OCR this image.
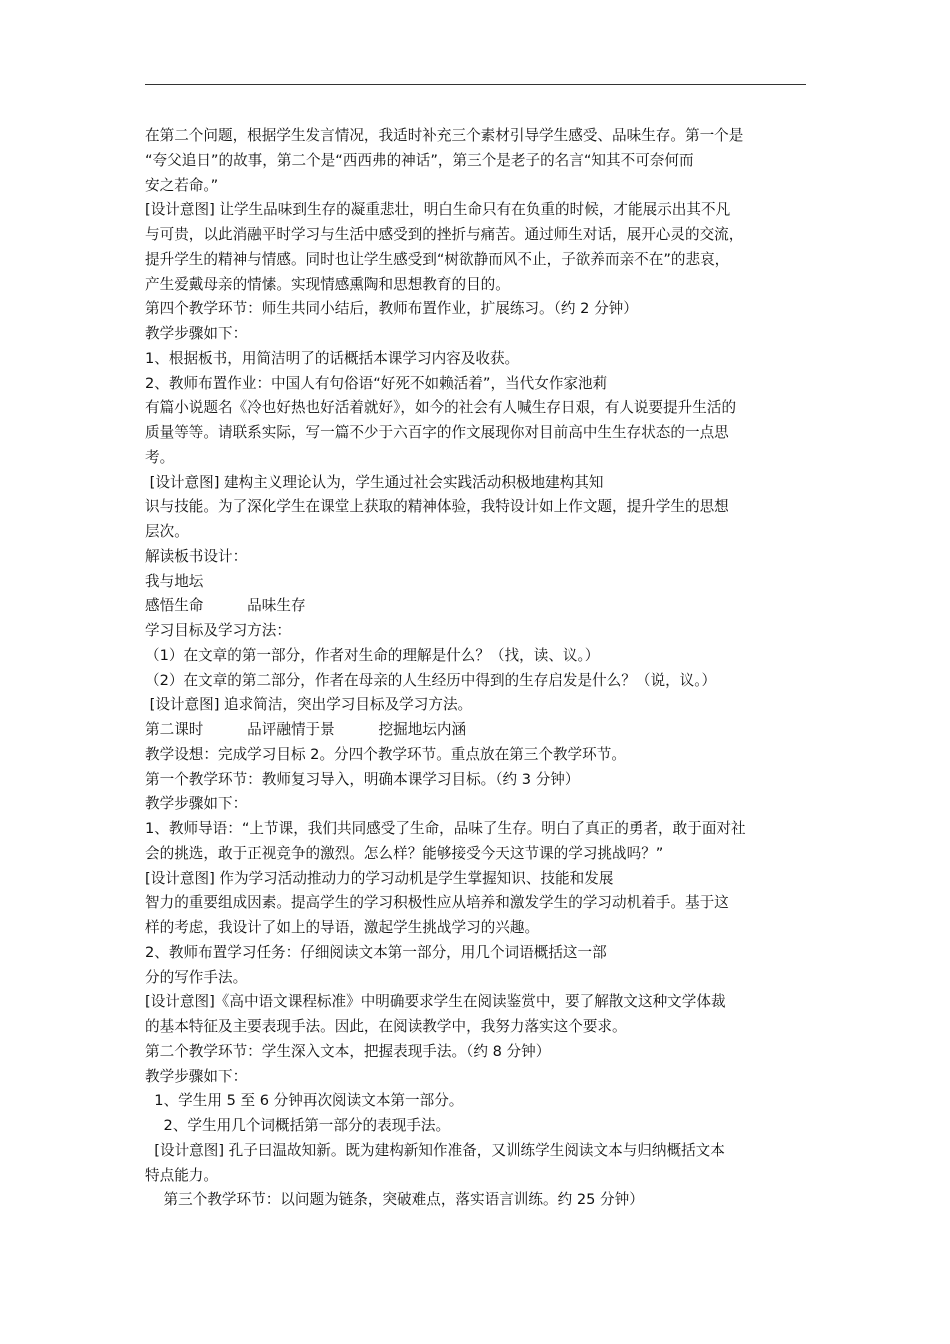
在第二个问题，根据学生发言情况，我适时补充三个素材引导学生感受、品味生存。第一个是
“夸父追日”的故事，第二个是“西西弗的神话”，第三个是老子的名言“知其不可奈何而
安之若命。”
[设计意图] 让学生品味到生存的凝重悲壮，明白生命只有在负重的时候，才能展示出其不凡
与可贵，以此消融平时学习与生活中感受到的挫折与痛苦。通过师生对话，展开心灵的交流，
提升学生的精神与情感。同时也让学生感受到“树欲静而风不止，子欲养而亲不在”的悲哀，
产生爱戴母亲的情愫。实现情感熏陶和思想教育的目的。
第四个教学环节：师生共同小结后，教师布置作业，扩展练习。（约 2 分钟）
教学步骤如下：
1、根据板书，用简洁明了的话概括本课学习内容及收获。
2、教师布置作业：中国人有句俗语“好死不如赖活着”，当代女作家池莉
有篇小说题名《冷也好热也好活着就好》，如今的社会有人喊生存日艰，有人说要提升生活的
质量等等。请联系实际，写一篇不少于六百字的作文展现你对目前高中生生存状态的一点思
考。
[设计意图] 建构主义理论认为，学生通过社会实践活动积极地建构其知
识与技能。为了深化学生在课堂上获取的精神体验，我特设计如上作文题，提升学生的思想
层次。
解读板书设计：
我与地坛
感悟生命　　　品味生存
学习目标及学习方法：
（1）在文章的第一部分，作者对生命的理解是什么？（找，读、议。）
（2）在文章的第二部分，作者在母亲的人生经历中得到的生存启发是什么？（说，议。）
[设计意图] 追求简洁，突出学习目标及学习方法。
第二课时　　　品评融情于景　　　挖掘地坛内涵
教学设想：完成学习目标 2。分四个教学环节。重点放在第三个教学环节。
第一个教学环节：教师复习导入，明确本课学习目标。（约 3 分钟）
教学步骤如下：
1、教师导语：“上节课，我们共同感受了生命，品味了生存。明白了真正的勇者，敢于面对社
会的挑选，敢于正视竞争的激烈。怎么样？能够接受今天这节课的学习挑战吗？”
[设计意图] 作为学习活动推动力的学习动机是学生掌握知识、技能和发展
智力的重要组成因素。提高学生的学习积极性应从培养和激发学生的学习动机着手。基于这
样的考虑，我设计了如上的导语，激起学生挑战学习的兴趣。
2、教师布置学习任务：仔细阅读文本第一部分，用几个词语概括这一部
分的写作手法。
[设计意图]《高中语文课程标准》中明确要求学生在阅读鉴赏中，要了解散文这种文学体裁
的基本特征及主要表现手法。因此，在阅读教学中，我努力落实这个要求。
第二个教学环节：学生深入文本，把握表现手法。（约 8 分钟）
教学步骤如下：
1、学生用 5 至 6 分钟再次阅读文本第一部分。
2、学生用几个词概括第一部分的表现手法。
[设计意图] 孔子曰温故知新。既为建构新知作准备，又训练学生阅读文本与归纳概括文本
特点能力。
第三个教学环节：以问题为链条，突破难点，落实语言训练。约 25 分钟）
